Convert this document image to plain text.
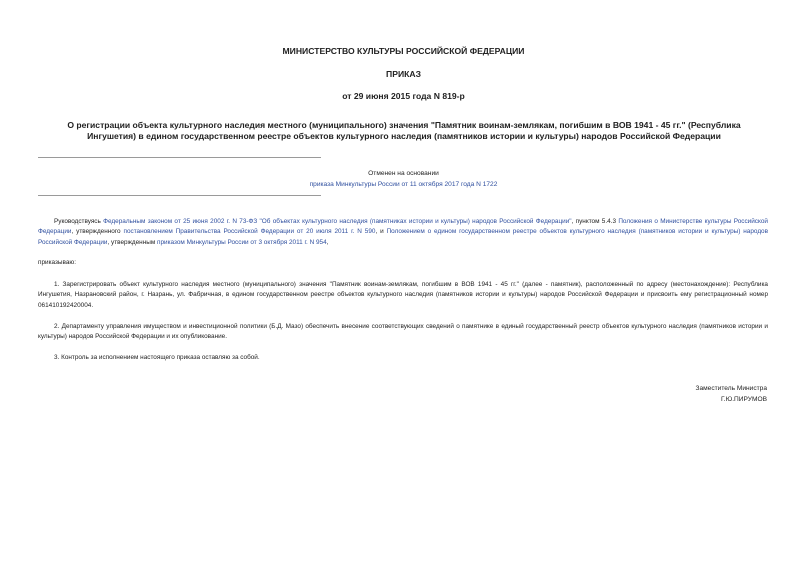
МИНИСТЕРСТВО КУЛЬТУРЫ РОССИЙСКОЙ ФЕДЕРАЦИИ
ПРИКАЗ
от 29 июня 2015 года N 819-р
О регистрации объекта культурного наследия местного (муниципального) значения "Памятник воинам-землякам, погибшим в ВОВ 1941 - 45 гг." (Республика Ингушетия) в едином государственном реестре объектов культурного наследия (памятников истории и культуры) народов Российской Федерации
Отменен на основании
приказа Минкультуры России от 11 октября 2017 года N 1722
Руководствуясь Федеральным законом от 25 июня 2002 г. N 73-ФЗ "Об объектах культурного наследия (памятниках истории и культуры) народов Российской Федерации", пунктом 5.4.3 Положения о Министерстве культуры Российской Федерации, утвержденного постановлением Правительства Российской Федерации от 20 июля 2011 г. N 590, и Положением о едином государственном реестре объектов культурного наследия (памятников истории и культуры) народов Российской Федерации, утвержденным приказом Минкультуры России от 3 октября 2011 г. N 954,
приказываю:
1. Зарегистрировать объект культурного наследия местного (муниципального) значения "Памятник воинам-землякам, погибшим в ВОВ 1941 - 45 гг." (далее - памятник), расположенный по адресу (местонахождение): Республика Ингушетия, Назрановский район, г. Назрань, ул. Фабричная, в едином государственном реестре объектов культурного наследия (памятников истории и культуры) народов Российской Федерации и присвоить ему регистрационный номер 061410192420004.
2. Департаменту управления имуществом и инвестиционной политики (Б.Д. Мазо) обеспечить внесение соответствующих сведений о памятнике в единый государственный реестр объектов культурного наследия (памятников истории и культуры) народов Российской Федерации и их опубликование.
3. Контроль за исполнением настоящего приказа оставляю за собой.
Заместитель Министра
Г.Ю.ПИРУМОВ
